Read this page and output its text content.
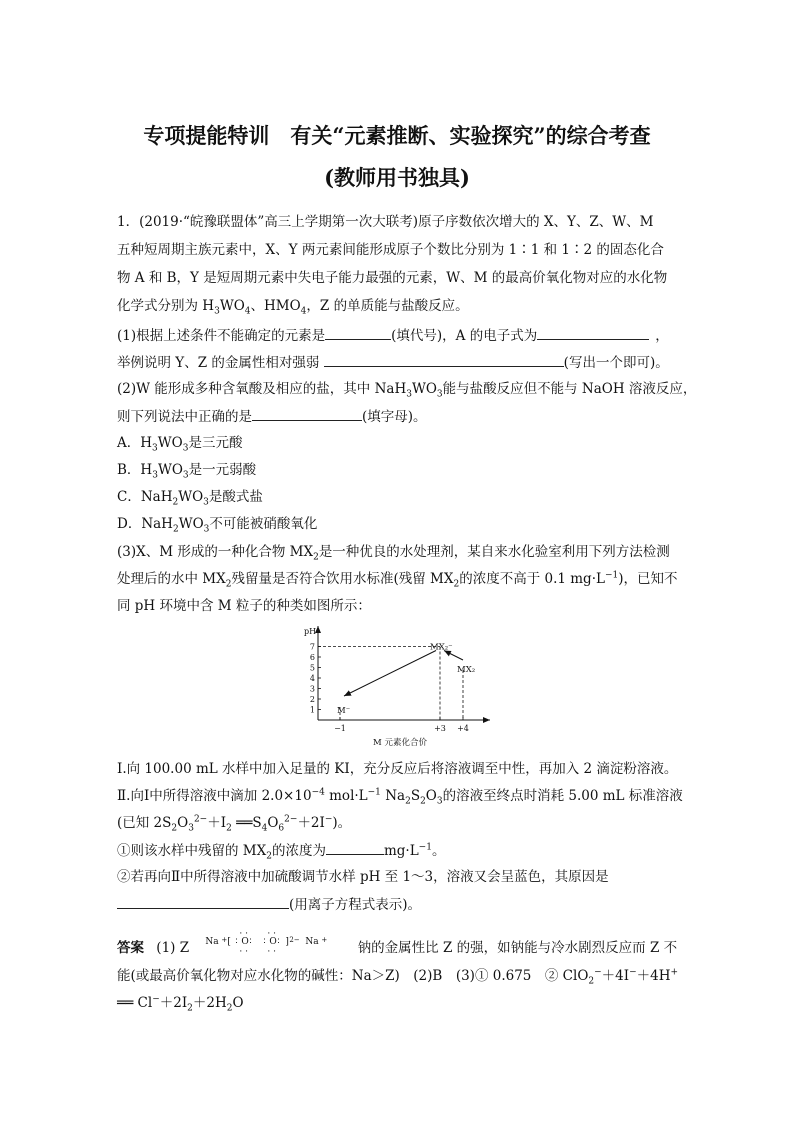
专项提能特训　有关“元素推断、实验探究”的综合考查
(教师用书独具)
1．(2019·“皖豫联盟体”高三上学期第一次大联考)原子序数依次增大的 X、Y、Z、W、M
五种短周期主族元素中，X、Y 两元素间能形成原子个数比分别为 1∶1 和 1∶2 的固态化合
物 A 和 B，Y 是短周期元素中失电子能力最强的元素，W、M 的最高价氧化物对应的水化物
化学式分别为 $H_3WO_4$、$HMO_4$，Z 的单质能与盐酸反应。
(1)根据上述条件不能确定的元素是	(填代号)，A 的电子式为	，
举例说明 Y、Z 的金属性相对强弱	(写出一个即可)。
(2)W 能形成多种含氧酸及相应的盐，其中 $NaH_3WO_3$能与盐酸反应但不能与 NaOH 溶液反应，
则下列说法中正确的是	(填字母)。
A．$H_3WO_3$是三元酸
B．$H_3WO_3$是一元弱酸
C．$NaH_2WO_3$是酸式盐
D．$NaH_2WO_3$不可能被硝酸氧化
(3)X、M 形成的一种化合物 $MX_2$是一种优良的水处理剂，某自来水化验室利用下列方法检测
处理后的水中 $MX_2$残留量是否符合饮用水标准(残留 $MX_2$的浓度不高于 0.1 $mg\cdot L^{-1}$)，已知不
同 pH 环境中含 M 粒子的种类如图所示：
pH
1
2
3
4
5
6
7
−1	+3 +4
MX₂⁻
M⁻
MX₂
M 元素化合价
Ⅰ.向 100.00 mL 水样中加入足量的 KI，充分反应后将溶液调至中性，再加入 2 滴淀粉溶液。
Ⅱ.向Ⅰ中所得溶液中滴加 $2.0\times 10^{-4}$ $mol\cdot L^{-1}$ $Na_2S_2O_3$的溶液至终点时消耗 5.00 mL 标准溶液
(已知 $2S_2O_3^{2-}+I_2$ $══S_4O_6^{2-}+2I^-$)。
①则该水样中残留的 $MX_2$的浓度为	$mg\cdot L^{-1}$。
②若再向Ⅱ中所得溶液中加硫酸调节水样 pH 至 1～3，溶液又会呈蓝色，其原因是
(用离子方程式表示)。
答案 (1) Z Na + [
· ·
∶ O ∶
· ·
· ·
∶ O ∶
· ·
] 2− Na + 钠的金属性比 Z 的强，如钠能与冷水剧烈反应而 Z 不
能(或最高价氧化物对应水化物的碱性：Na＞Z)　(2)B　(3)① 0.675　② ClO$_2$−＋4I−＋4H+
══ $Cl^-+2I_2+2H_2O$
